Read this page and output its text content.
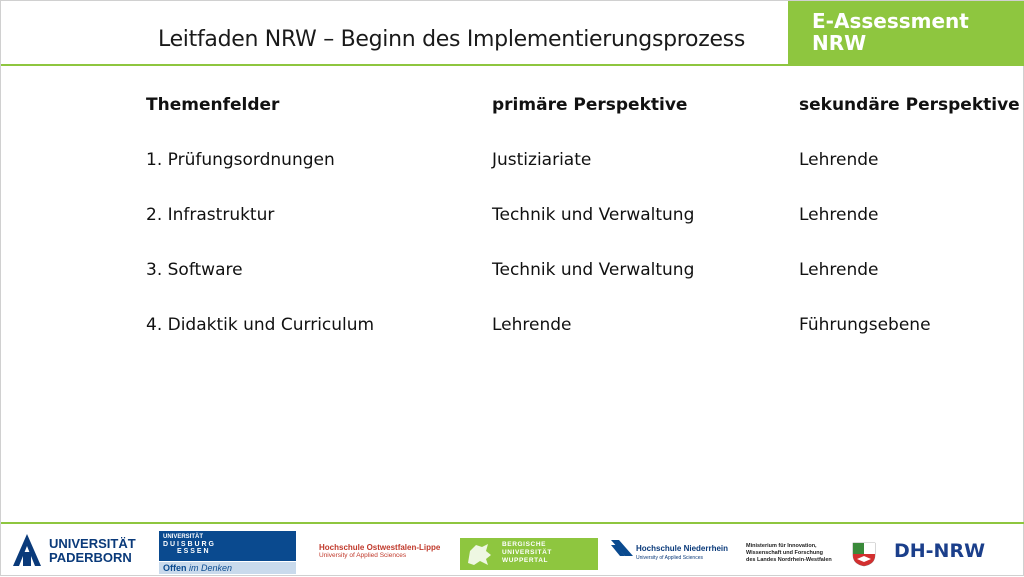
Leitfaden NRW – Beginn des Implementierungsprozess
E-Assessment
NRW
Themenfelder	primäre Perspektive	sekundäre Perspektive
1. Prüfungsordnungen	Justiziariate	Lehrende
2. Infrastruktur	Technik und Verwaltung	Lehrende
3. Software	Technik und Verwaltung	Lehrende
4. Didaktik und Curriculum	Lehrende	Führungsebene
UNIVERSITÄT
PADERBORN
UNIVERSITÄT
D U I S B U R G
E S S E N
Offen im Denken
Hochschule Ostwestfalen-Lippe
University of Applied Sciences
BERGISCHE
UNIVERSITÄT
WUPPERTAL
Hochschule Niederrhein
University of Applied Sciences
Ministerium für Innovation,
Wissenschaft und Forschung
des Landes Nordrhein-Westfalen	DH-NRW
